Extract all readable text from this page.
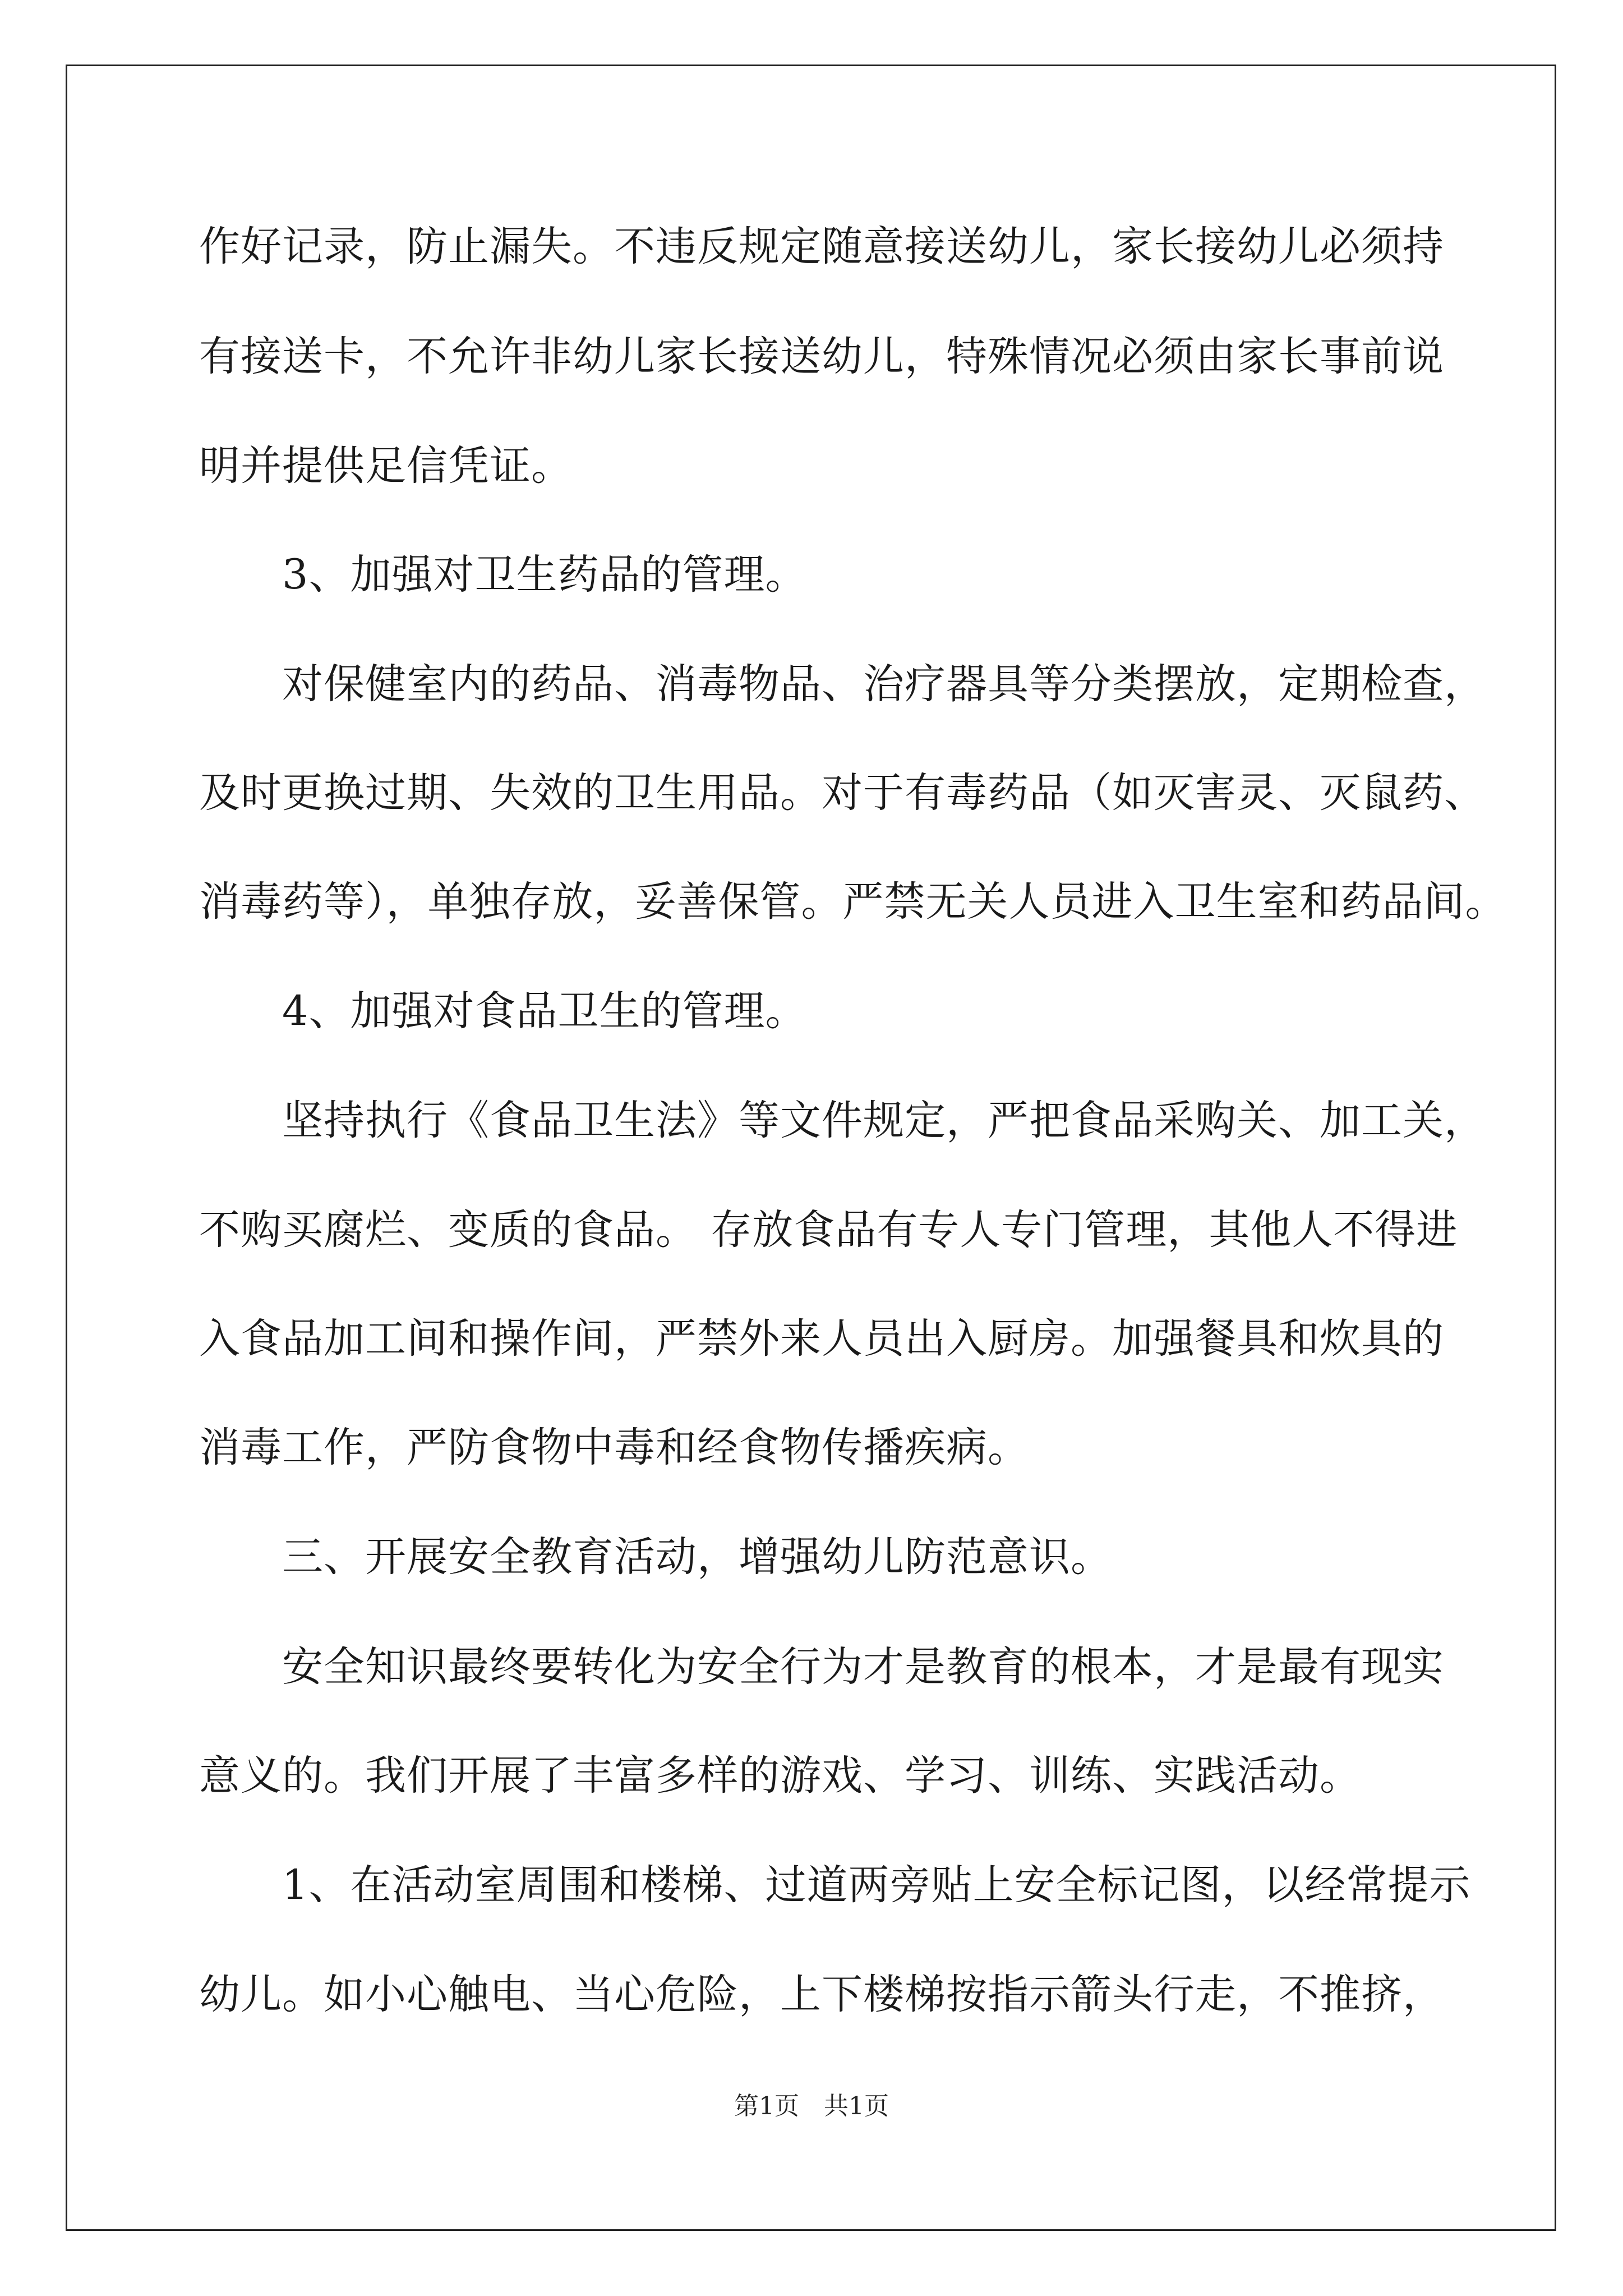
作好记录，防止漏失。不违反规定随意接送幼儿，家长接幼儿必须持
有接送卡，不允许非幼儿家长接送幼儿，特殊情况必须由家长事前说
明并提供足信凭证。
　　3、加强对卫生药品的管理。
　　对保健室内的药品、消毒物品、治疗器具等分类摆放，定期检查，
及时更换过期、失效的卫生用品。对于有毒药品（如灭害灵、灭鼠药、
消毒药等），单独存放，妥善保管。严禁无关人员进入卫生室和药品间。
　　4、加强对食品卫生的管理。
　　坚持执行《食品卫生法》等文件规定，严把食品采购关、加工关，
不购买腐烂、变质的食品。 存放食品有专人专门管理，其他人不得进
入食品加工间和操作间，严禁外来人员出入厨房。加强餐具和炊具的
消毒工作，严防食物中毒和经食物传播疾病。
　　三、开展安全教育活动，增强幼儿防范意识。
　　安全知识最终要转化为安全行为才是教育的根本，才是最有现实
意义的。我们开展了丰富多样的游戏、学习、训练、实践活动。
　　1、在活动室周围和楼梯、过道两旁贴上安全标记图，以经常提示
幼儿。如小心触电、当心危险，上下楼梯按指示箭头行走，不推挤，
第1页　共1页
